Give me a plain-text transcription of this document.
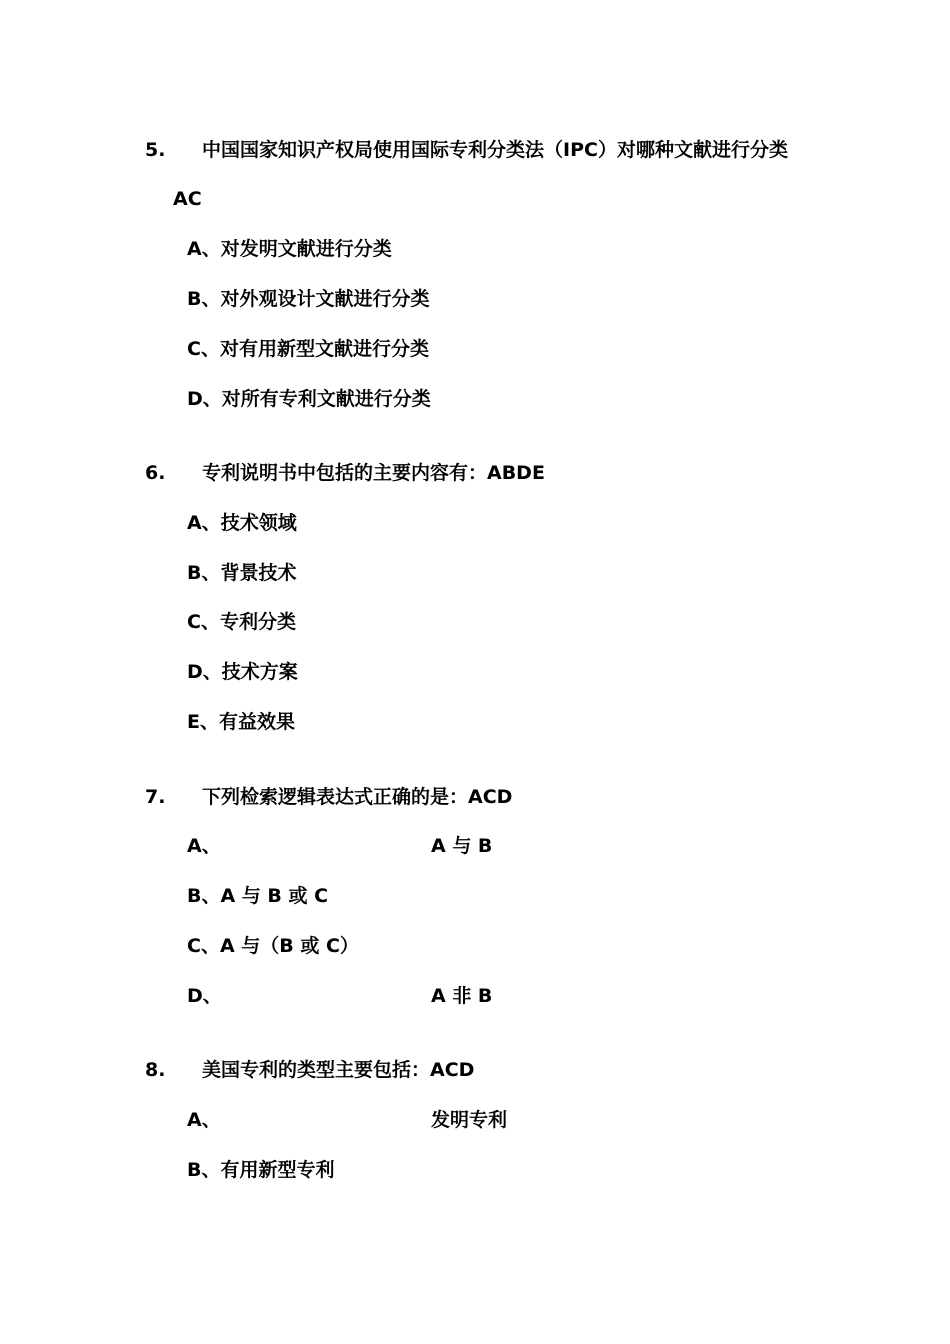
5. 中国国家知识产权局使用国际专利分类法（IPC）对哪种文献进行分类
AC
A、对发明文献进行分类
B、对外观设计文献进行分类
C、对有用新型文献进行分类
D、对所有专利文献进行分类
6. 专利说明书中包括的主要内容有：ABDE
A、技术领域
B、背景技术
C、专利分类
D、技术方案
E、有益效果
7. 下列检索逻辑表达式正确的是：ACD
A、	A 与 B
B、A 与 B 或 C
C、A 与（B 或 C）
D、	A 非 B
8. 美国专利的类型主要包括：ACD
A、	发明专利
B、有用新型专利
